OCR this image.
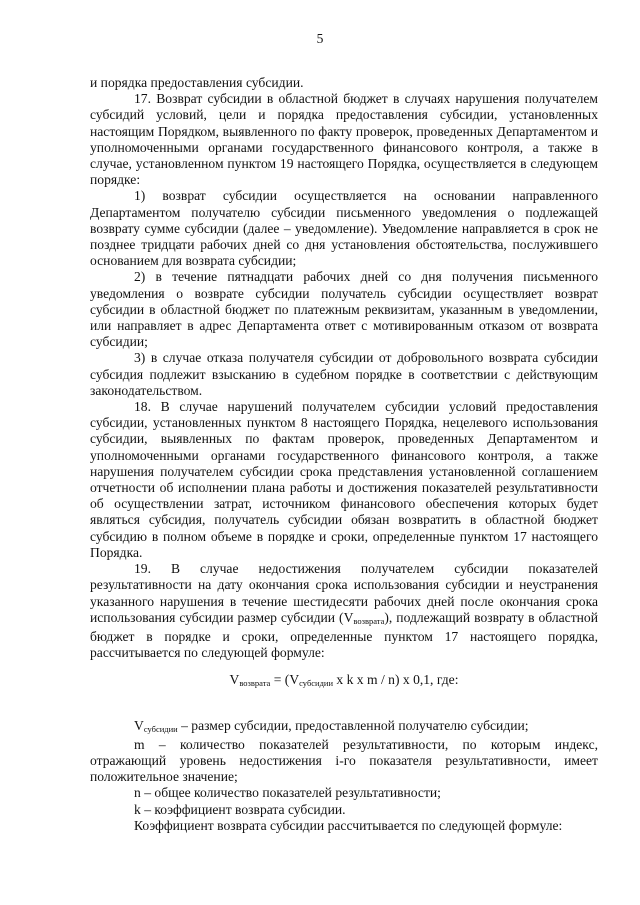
5

и порядка предоставления субсидии.

17. Возврат субсидии в областной бюджет в случаях нарушения получателем субсидий условий, цели и порядка предоставления субсидии, установленных настоящим Порядком, выявленного по факту проверок, проведенных Департаментом и уполномоченными органами государственного финансового контроля, а также в случае, установленном пунктом 19 настоящего Порядка, осуществляется в следующем порядке:

1) возврат субсидии осуществляется на основании направленного Департаментом получателю субсидии письменного уведомления о подлежащей возврату сумме субсидии (далее – уведомление). Уведомление направляется в срок не позднее тридцати рабочих дней со дня установления обстоятельства, послужившего основанием для возврата субсидии;

2) в течение пятнадцати рабочих дней со дня получения письменного уведомления о возврате субсидии получатель субсидии осуществляет возврат субсидии в областной бюджет по платежным реквизитам, указанным в уведомлении, или направляет в адрес Департамента ответ с мотивированным отказом от возврата субсидии;

3) в случае отказа получателя субсидии от добровольного возврата субсидии субсидия подлежит взысканию в судебном порядке в соответствии с действующим законодательством.

18. В случае нарушений получателем субсидии условий предоставления субсидии, установленных пунктом 8 настоящего Порядка, нецелевого использования субсидии, выявленных по фактам проверок, проведенных Департаментом и уполномоченными органами государственного финансового контроля, а также нарушения получателем субсидии срока представления установленной соглашением отчетности об исполнении плана работы и достижения показателей результативности об осуществлении затрат, источником финансового обеспечения которых будет являться субсидия, получатель субсидии обязан возвратить в областной бюджет субсидию в полном объеме в порядке и сроки, определенные пунктом 17 настоящего Порядка.

19. В случае недостижения получателем субсидии показателей результативности на дату окончания срока использования субсидии и неустранения указанного нарушения в течение шестидесяти рабочих дней после окончания срока использования субсидии размер субсидии $(V_{возврата})$, подлежащий возврату в областной бюджет в порядке и сроки, определенные пунктом 17 настоящего порядка, рассчитывается по следующей формуле:

$V_{возврата} = (V_{субсидии}$ х k х m / n) х 0,1, где:

$V_{субсидии}$ – размер субсидии, предоставленной получателю субсидии;

m – количество показателей результативности, по которым индекс, отражающий уровень недостижения i-го показателя результативности, имеет положительное значение;

n – общее количество показателей результативности;

k – коэффициент возврата субсидии.

Коэффициент возврата субсидии рассчитывается по следующей формуле:
